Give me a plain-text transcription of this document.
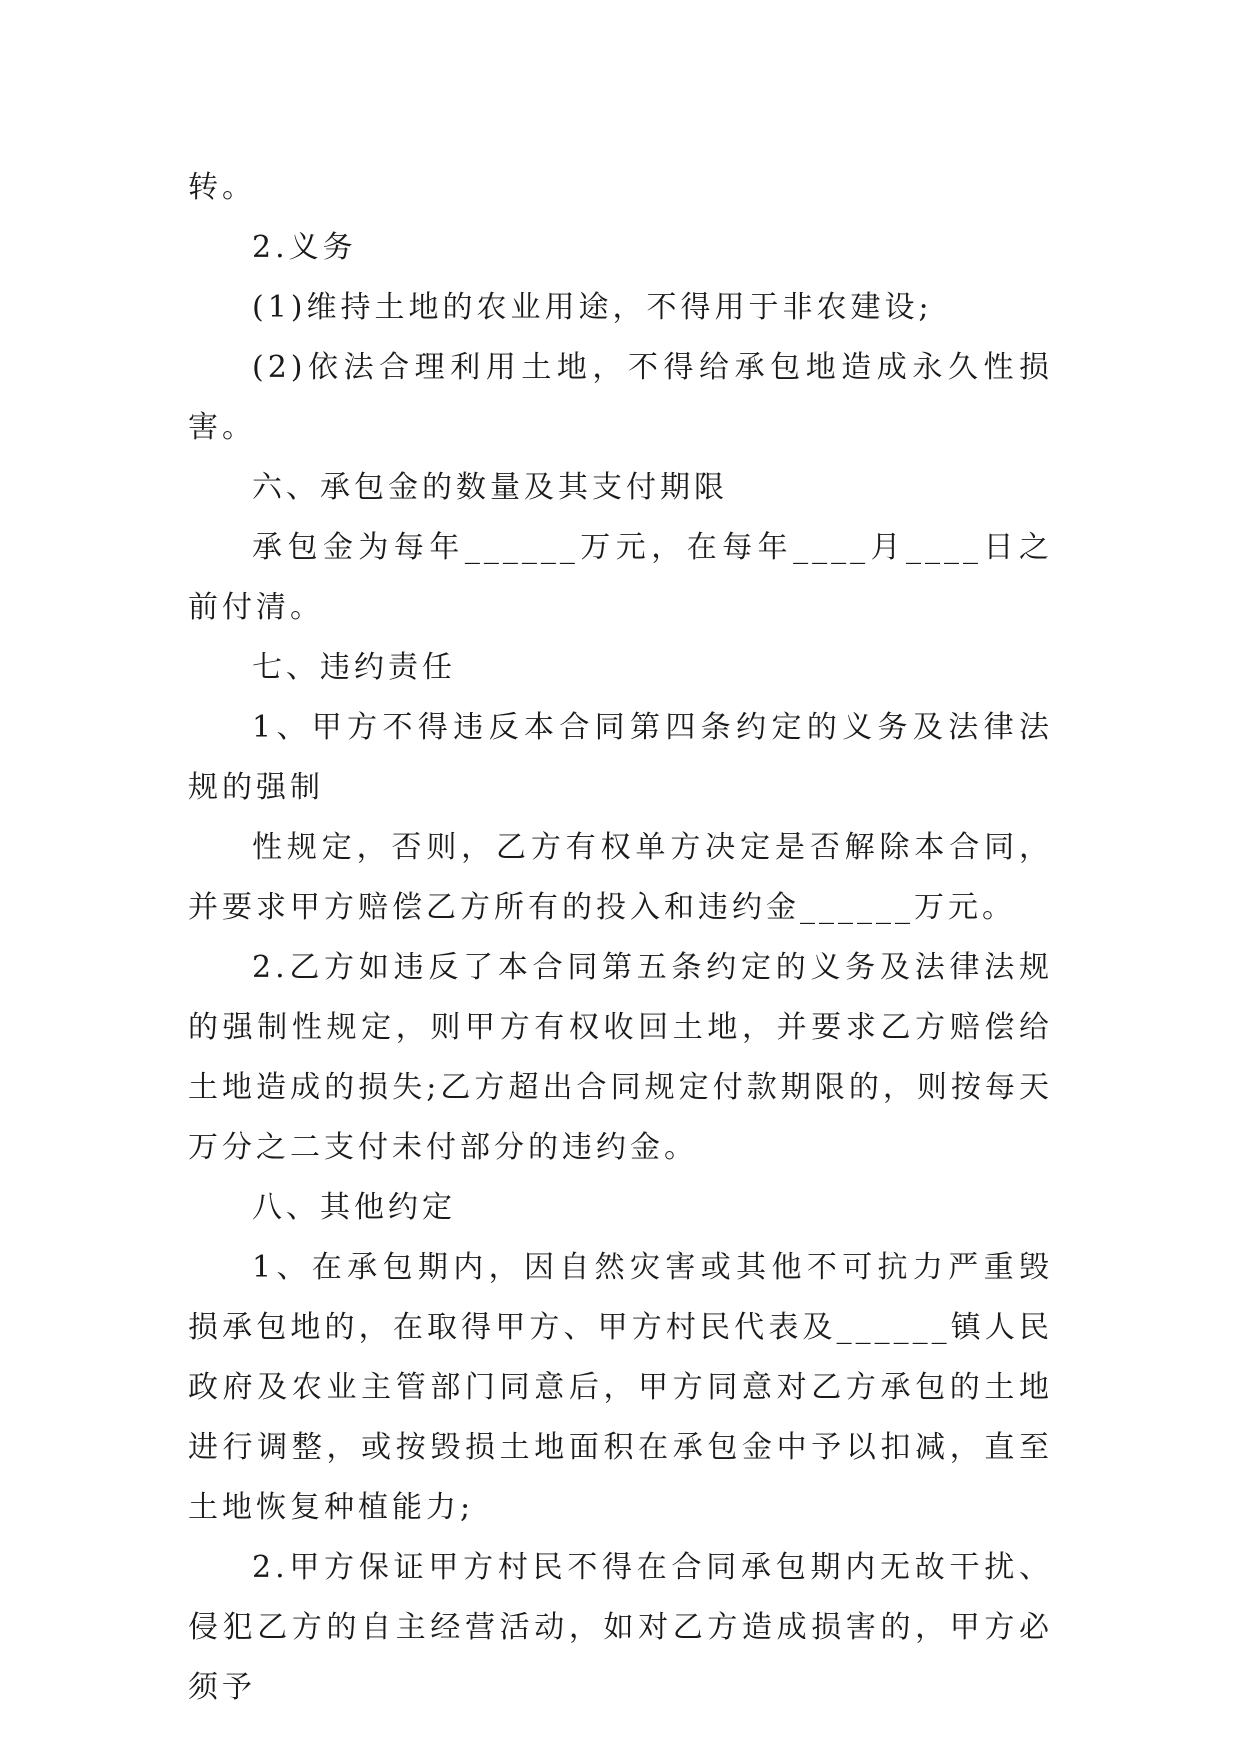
转。

2.义务

(1)维持土地的农业用途，不得用于非农建设;

(2)依法合理利用土地，不得给承包地造成永久性损害。

六、承包金的数量及其支付期限

承包金为每年______万元，在每年____月____日之前付清。

七、违约责任

1、甲方不得违反本合同第四条约定的义务及法律法规的强制

性规定，否则，乙方有权单方决定是否解除本合同，并要求甲方赔偿乙方所有的投入和违约金______万元。

2.乙方如违反了本合同第五条约定的义务及法律法规的强制性规定，则甲方有权收回土地，并要求乙方赔偿给土地造成的损失;乙方超出合同规定付款期限的，则按每天万分之二支付未付部分的违约金。

八、其他约定

1、在承包期内，因自然灾害或其他不可抗力严重毁损承包地的，在取得甲方、甲方村民代表及______镇人民政府及农业主管部门同意后，甲方同意对乙方承包的土地进行调整，或按毁损土地面积在承包金中予以扣减，直至土地恢复种植能力;

2.甲方保证甲方村民不得在合同承包期内无故干扰、侵犯乙方的自主经营活动，如对乙方造成损害的，甲方必须予
